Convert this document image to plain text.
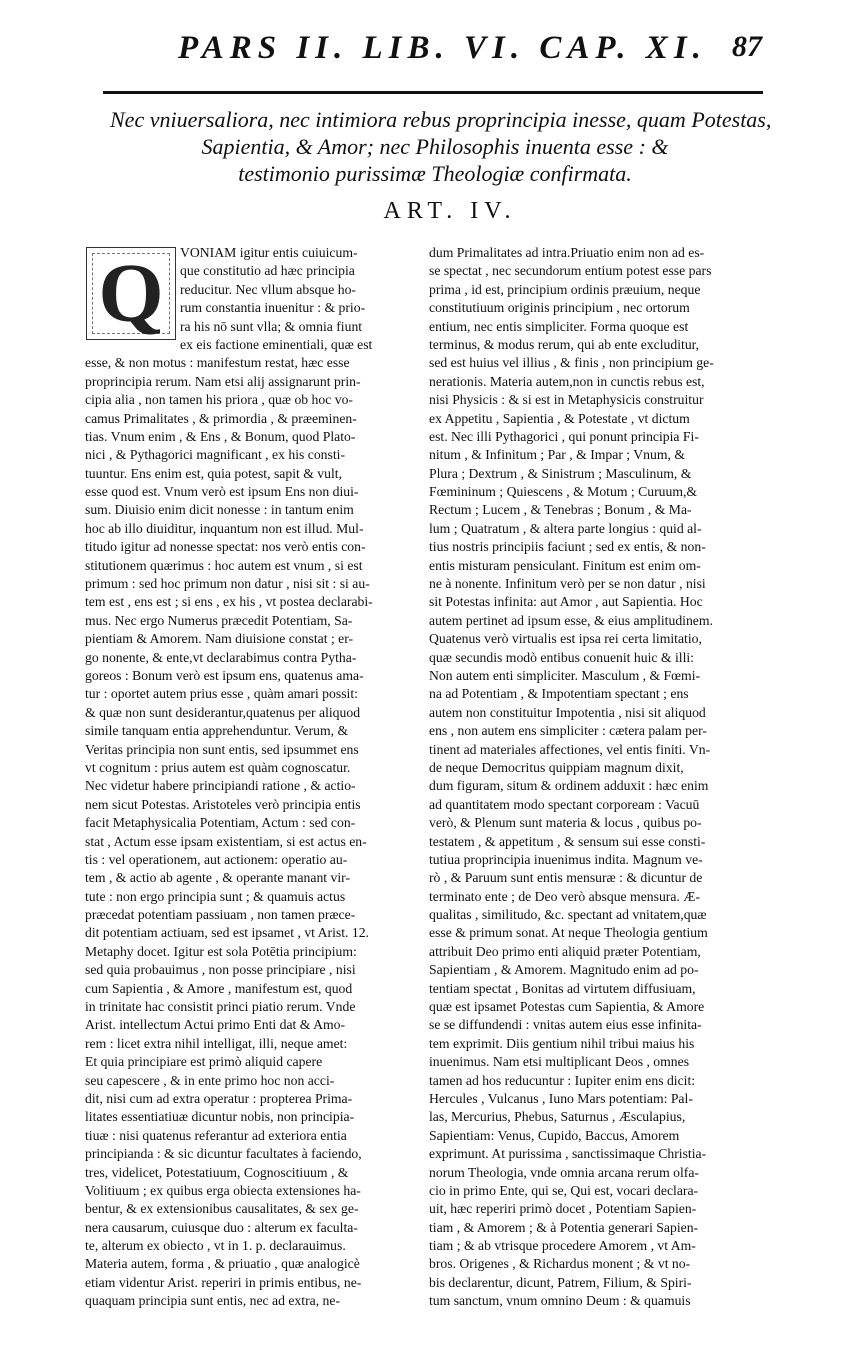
PARS II. LIB. VI. CAP. XI. 87
Nec vniuersaliora, nec intimiora rebus proprincipia inesse, quam Potestas,
Sapientia, & Amor; nec Philosophis inuenta esse : &
testimonio purissimæ Theologiæ confirmata.
ART. IV.
Q	VONIAM igitur entis cuiuicum-
que constitutio ad hæc principia
reducitur. Nec vllum absque ho-
rum constantia inuenitur : & prio-
ra his nō sunt vlla; & omnia fiunt
ex eis factione eminentiali, quæ est
esse, & non motus : manifestum restat, hæc esse
proprincipia rerum. Nam etsi alij assignarunt prin-
cipia alia , non tamen his priora , quæ ob hoc vo-
camus Primalitates , & primordia , & præeminen-
tias. Vnum enim , & Ens , & Bonum, quod Plato-
nici , & Pythagorici magnificant , ex his consti-
tuuntur. Ens enim est, quia potest, sapit & vult,
esse quod est. Vnum verò est ipsum Ens non diui-
sum. Diuisio enim dicit nonesse : in tantum enim
hoc ab illo diuiditur, inquantum non est illud. Mul-
titudo igitur ad nonesse spectat: nos verò entis con-
stitutionem quærimus : hoc autem est vnum , si est
primum : sed hoc primum non datur , nisi sit : si au-
tem est , ens est ; si ens , ex his , vt postea declarabi-
mus. Nec ergo Numerus præcedit Potentiam, Sa-
pientiam & Amorem. Nam diuisione constat ; er-
go nonente, & ente,vt declarabimus contra Pytha-
goreos : Bonum verò est ipsum ens, quatenus ama-
tur : oportet autem prius esse , quàm amari possit:
& quæ non sunt desiderantur,quatenus per aliquod
simile tanquam entia apprehenduntur. Verum, &
Veritas principia non sunt entis, sed ipsummet ens
vt cognitum : prius autem est quàm cognoscatur.
Nec videtur habere principiandi ratione , & actio-
nem sicut Potestas. Aristoteles verò principia entis
facit Metaphysicalia Potentiam, Actum : sed con-
stat , Actum esse ipsam existentiam, si est actus en-
tis : vel operationem, aut actionem: operatio au-
tem , & actio ab agente , & operante manant vir-
tute : non ergo principia sunt ; & quamuis actus
præcedat potentiam passiuam , non tamen præce-
dit potentiam actiuam, sed est ipsamet , vt Arist. 12.
Metaphy docet. Igitur est sola Potētia principium:
sed quia probauimus , non posse principiare , nisi
cum Sapientia , & Amore , manifestum est, quod
in trinitate hac consistit princi piatio rerum. Vnde
Arist. intellectum Actui primo Enti dat & Amo-
rem : licet extra nihil intelligat, illi, neque amet:
Et quia principiare est primò aliquid capere
seu capescere , & in ente primo hoc non acci-
dit, nisi cum ad extra operatur : propterea Prima-
litates essentiatiuæ dicuntur nobis, non principia-
tiuæ : nisi quatenus referantur ad exteriora entia
principianda : & sic dicuntur facultates à faciendo,
tres, videlicet, Potestatiuum, Cognoscitiuum , &
Volitiuum ; ex quibus erga obiecta extensiones ha-
bentur, & ex extensionibus causalitates, & sex ge-
nera causarum, cuiusque duo : alterum ex faculta-
te, alterum ex obiecto , vt in 1. p. declarauimus.
Materia autem, forma , & priuatio , quæ analogicè
etiam videntur Arist. reperiri in primis entibus, ne-
quaquam principia sunt entis, nec ad extra, ne-
dum Primalitates ad intra.Priuatio enim non ad es-
se spectat , nec secundorum entium potest esse pars
prima , id est, principium ordinis præuium, neque
constitutiuum originis principium , nec ortorum
entium, nec entis simpliciter. Forma quoque est
terminus, & modus rerum, qui ab ente excluditur,
sed est huius vel illius , & finis , non principium ge-
nerationis. Materia autem,non in cunctis rebus est,
nisi Physicis : & si est in Metaphysicis construitur
ex Appetitu , Sapientia , & Potestate , vt dictum
est. Nec illi Pythagorici , qui ponunt principia Fi-
nitum , & Infinitum ; Par , & Impar ; Vnum, &
Plura ; Dextrum , & Sinistrum ; Masculinum, &
Fœmininum ; Quiescens , & Motum ; Curuum,&
Rectum ; Lucem , & Tenebras ; Bonum , & Ma-
lum ; Quatratum , & altera parte longius : quid al-
tius nostris principiis faciunt ; sed ex entis, & non-
entis misturam pensiculant. Finitum est enim om-
ne à nonente. Infinitum verò per se non datur , nisi
sit Potestas infinita: aut Amor , aut Sapientia. Hoc
autem pertinet ad ipsum esse, & eius amplitudinem.
Quatenus verò virtualis est ipsa rei certa limitatio,
quæ secundis modò entibus conuenit huic & illi:
Non autem enti simpliciter. Masculum , & Fœmi-
na ad Potentiam , & Impotentiam spectant ; ens
autem non constituitur Impotentia , nisi sit aliquod
ens , non autem ens simpliciter : cætera palam per-
tinent ad materiales affectiones, vel entis finiti. Vn-
de neque Democritus quippiam magnum dixit,
dum figuram, situm & ordinem adduxit : hæc enim
ad quantitatem modo spectant corpoream : Vacuū
verò, & Plenum sunt materia & locus , quibus po-
testatem , & appetitum , & sensum sui esse consti-
tutiua proprincipia inuenimus indita. Magnum ve-
rò , & Paruum sunt entis mensuræ : & dicuntur de
terminato ente ; de Deo verò absque mensura. Æ-
qualitas , similitudo, &c. spectant ad vnitatem,quæ
esse & primum sonat. At neque Theologia gentium
attribuit Deo primo enti aliquid præter Potentiam,
Sapientiam , & Amorem. Magnitudo enim ad po-
tentiam spectat , Bonitas ad virtutem diffusiuam,
quæ est ipsamet Potestas cum Sapientia, & Amore
se se diffundendi : vnitas autem eius esse infinita-
tem exprimit. Diis gentium nihil tribui maius his
inuenimus. Nam etsi multiplicant Deos , omnes
tamen ad hos reducuntur : Iupiter enim ens dicit:
Hercules , Vulcanus , Iuno Mars potentiam: Pal-
las, Mercurius, Phebus, Saturnus , Æsculapius,
Sapientiam: Venus, Cupido, Baccus, Amorem
exprimunt. At purissima , sanctissimaque Christia-
norum Theologia, vnde omnia arcana rerum olfa-
cio in primo Ente, qui se, Qui est, vocari declara-
uit, hæc reperiri primò docet , Potentiam Sapien-
tiam , & Amorem ; & à Potentia generari Sapien-
tiam ; & ab vtrisque procedere Amorem , vt Am-
bros. Origenes , & Richardus monent ; & vt no-
bis declarentur, dicunt, Patrem, Filium, & Spiri-
tum sanctum, vnum omnino Deum : & quamuis
